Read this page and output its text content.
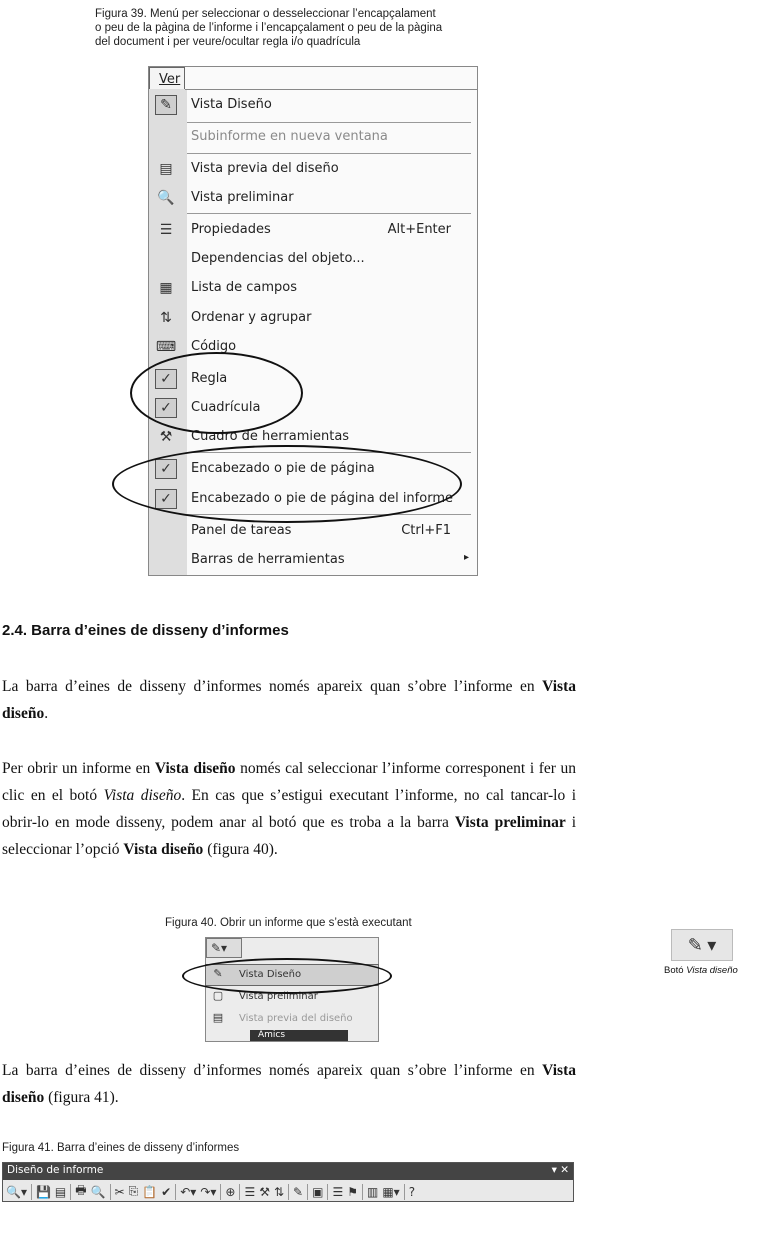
Figura 39. Menú per seleccionar o desseleccionar l’encapçalament
o peu de la pàgina de l’informe i l’encapçalament o peu de la pàgina
del document i per veure/ocultar regla i/o quadrícula
Ver
✎	Vista Diseño
Subinforme en nueva ventana
▤	Vista previa del diseño
🔍 Vista preliminar
☰	Propiedades	Alt+Enter
Dependencias del objeto...
▦	Lista de campos
⇅	Ordenar y agrupar
⌨ Código
✓	Regla
✓	Cuadrícula
⚒	Cuadro de herramientas
✓	Encabezado o pie de página
✓	Encabezado o pie de página del informe
Panel de tareas	Ctrl+F1
Barras de herramientas	▸
2.4. Barra d’eines de disseny d’informes
La barra d’eines de disseny d’informes només apareix quan s’obre l’informe en Vista diseño.
Per obrir un informe en Vista diseño només cal seleccionar l’informe corresponent i fer un clic en el botó Vista diseño. En cas que s’estigui executant l’informe, no cal tancar-lo i obrir-lo en mode disseny, podem anar al botó que es troba a la barra Vista preliminar i seleccionar l’opció Vista diseño (figura 40).
Figura 40. Obrir un informe que s’està executant
✎▾
✎	Vista Diseño
▢ Vista preliminar
▤ Vista previa del diseño
Amics
✎ ▾
Botó Vista diseño
La barra d’eines de disseny d’informes només apareix quan s’obre l’informe en Vista diseño (figura 41).
Figura 41. Barra d’eines de disseny d’informes
Diseño de informe	▾ ✕
🔍▾ 💾 ▤ 🖶 🔍 ✂ ⎘ 📋 ✔ ↶▾ ↷▾ ⊕ ☰ ⚒ ⇅ ✎ ▣ ☰ ⚑ ▥ ▦▾ ?
